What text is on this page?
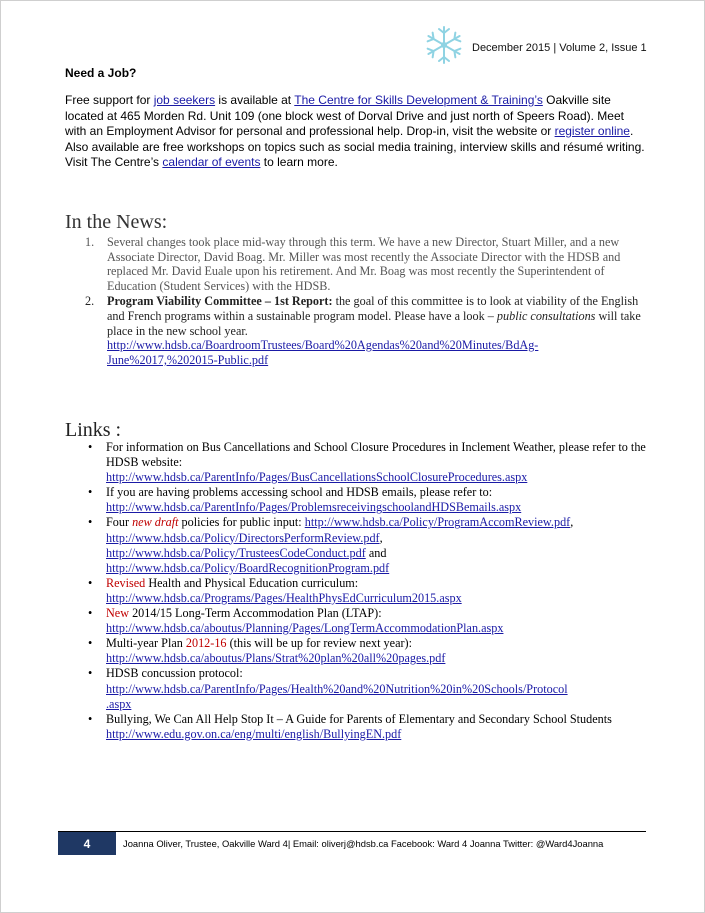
December 2015 | Volume 2, Issue 1
Need a Job?
Free support for job seekers is available at The Centre for Skills Development & Training’s Oakville site located at 465 Morden Rd. Unit 109 (one block west of Dorval Drive and just north of Speers Road). Meet with an Employment Advisor for personal and professional help. Drop-in, visit the website or register online. Also available are free workshops on topics such as social media training, interview skills and résumé writing. Visit The Centre’s calendar of events to learn more.
In the News:
1. Several changes took place mid-way through this term. We have a new Director, Stuart Miller, and a new Associate Director, David Boag. Mr. Miller was most recently the Associate Director with the HDSB and replaced Mr. David Euale upon his retirement. And Mr. Boag was most recently the Superintendent of Education (Student Services) with the HDSB.
2. Program Viability Committee – 1st Report: the goal of this committee is to look at viability of the English and French programs within a sustainable program model. Please have a look – public consultations will take place in the new school year.
http://www.hdsb.ca/BoardroomTrustees/Board%20Agendas%20and%20Minutes/BdAg-
June%2017,%202015-Public.pdf
Links :
• For information on Bus Cancellations and School Closure Procedures in Inclement Weather, please refer to the HDSB website:
http://www.hdsb.ca/ParentInfo/Pages/BusCancellationsSchoolClosureProcedures.aspx
• If you are having problems accessing school and HDSB emails, please refer to:
http://www.hdsb.ca/ParentInfo/Pages/ProblemsreceivingschoolandHDSBemails.aspx
• Four new draft policies for public input: http://www.hdsb.ca/Policy/ProgramAccomReview.pdf,
http://www.hdsb.ca/Policy/DirectorsPerformReview.pdf,
http://www.hdsb.ca/Policy/TrusteesCodeConduct.pdf and
http://www.hdsb.ca/Policy/BoardRecognitionProgram.pdf
• Revised Health and Physical Education curriculum:
http://www.hdsb.ca/Programs/Pages/HealthPhysEdCurriculum2015.aspx
• New 2014/15 Long-Term Accommodation Plan (LTAP):
http://www.hdsb.ca/aboutus/Planning/Pages/LongTermAccommodationPlan.aspx
• Multi-year Plan 2012-16 (this will be up for review next year):
http://www.hdsb.ca/aboutus/Plans/Strat%20plan%20all%20pages.pdf
• HDSB concussion protocol:
http://www.hdsb.ca/ParentInfo/Pages/Health%20and%20Nutrition%20in%20Schools/Protocol
.aspx
• Bullying, We Can All Help Stop It – A Guide for Parents of Elementary and Secondary School Students http://www.edu.gov.on.ca/eng/multi/english/BullyingEN.pdf
4	Joanna Oliver, Trustee, Oakville Ward 4| Email: oliverj@hdsb.ca Facebook: Ward 4 Joanna Twitter: @Ward4Joanna
